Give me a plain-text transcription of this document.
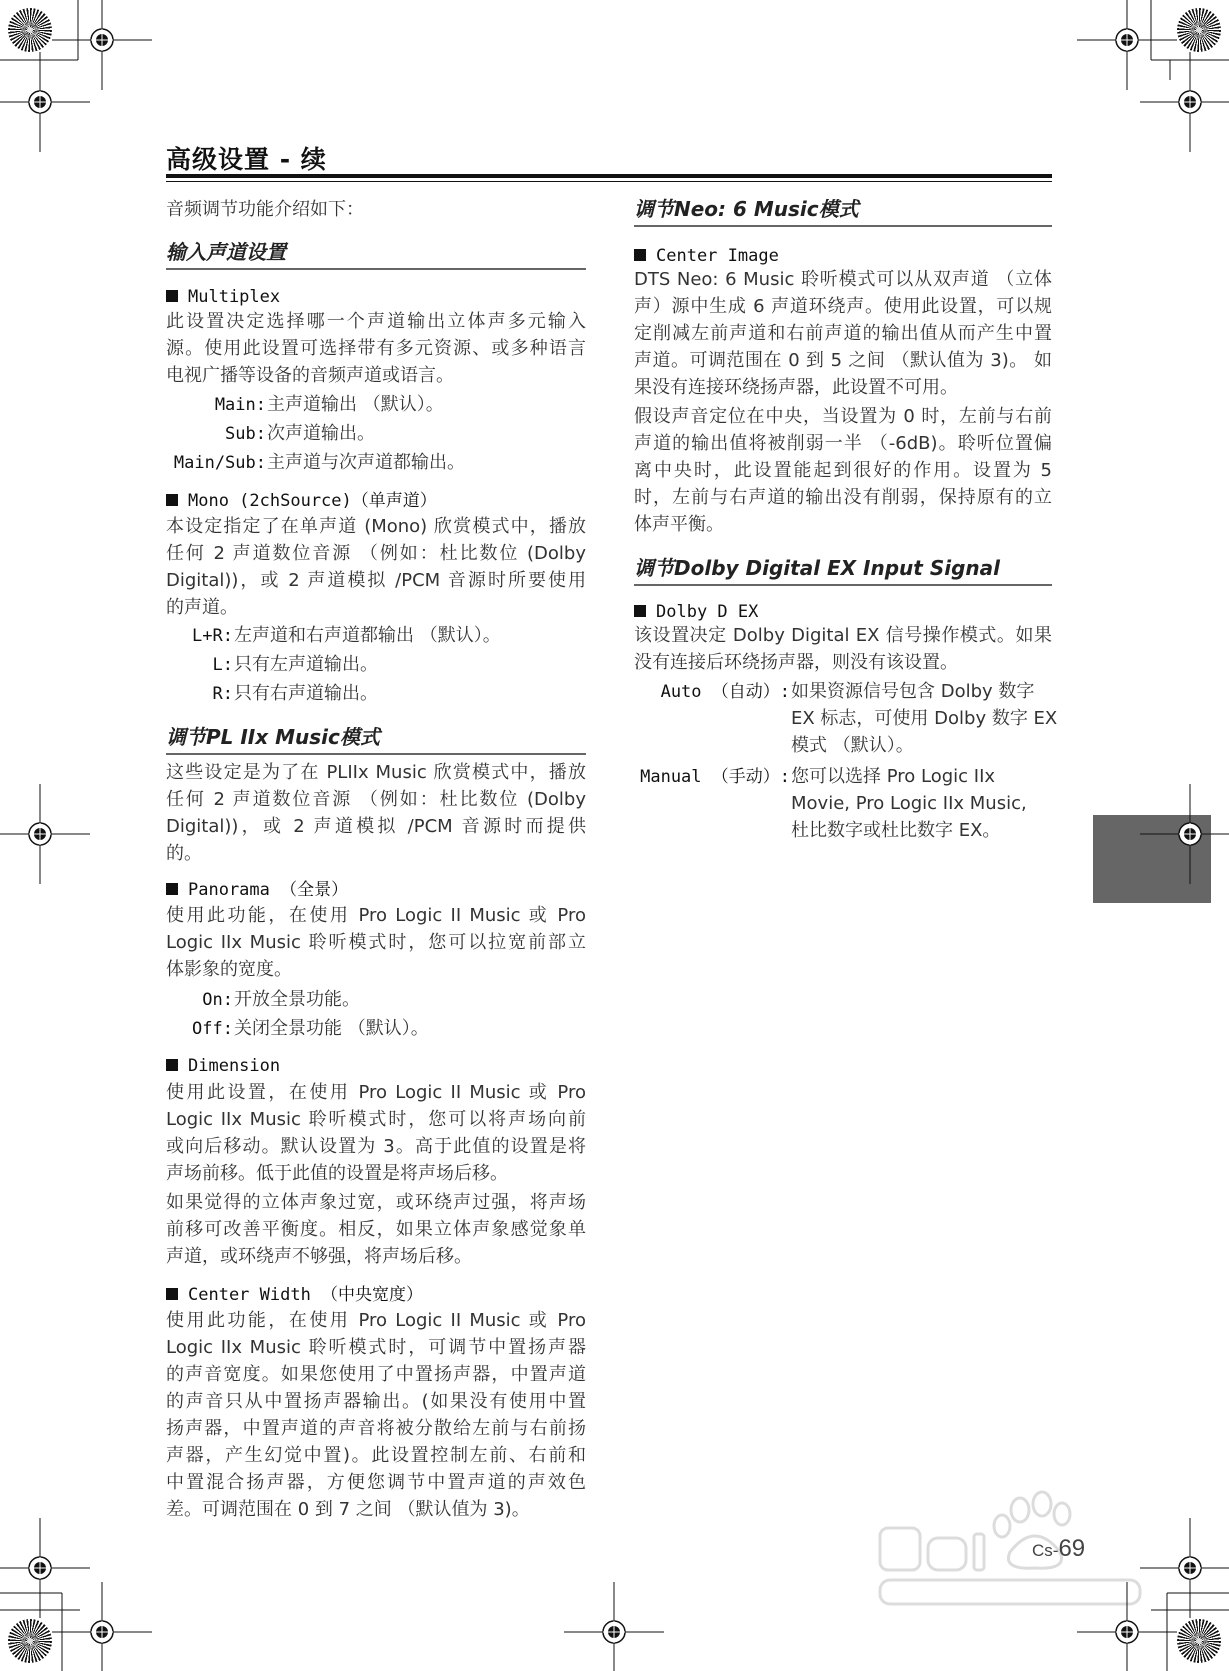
高级设置 - 续
音频调节功能介绍如下：
输入声道设置
Multiplex
此设置决定选择哪一个声道输出立体声多元输入
源。使用此设置可选择带有多元资源、或多种语言
电视广播等设备的音频声道或语言。
Main: 主声道输出 （默认）。
Sub: 次声道输出。
Main/Sub: 主声道与次声道都输出。
Mono (2chSource)（单声道）
本设定指定了在单声道 (Mono) 欣赏模式中，播放
任何 2 声道数位音源 （例如：杜比数位 (Dolby
Digital))，或 2 声道模拟 /PCM 音源时所要使用
的声道。
L+R: 左声道和右声道都输出 （默认）。
L: 只有左声道输出。
R: 只有右声道输出。
调节PL IIx Music模式
这些设定是为了在 PLIIx Music 欣赏模式中，播放
任何 2 声道数位音源 （例如：杜比数位 (Dolby
Digital))，或 2 声道模拟 /PCM 音源时而提供
的。
Panorama （全景）
使用此功能，在使用 Pro Logic II Music 或 Pro
Logic IIx Music 聆听模式时，您可以拉宽前部立
体影象的宽度。
On: 开放全景功能。
Off: 关闭全景功能 （默认）。
Dimension
使用此设置，在使用 Pro Logic II Music 或 Pro
Logic IIx Music 聆听模式时，您可以将声场向前
或向后移动。默认设置为 3。高于此值的设置是将
声场前移。低于此值的设置是将声场后移。
如果觉得的立体声象过宽，或环绕声过强，将声场
前移可改善平衡度。相反，如果立体声象感觉象单
声道，或环绕声不够强，将声场后移。
Center Width （中央宽度）
使用此功能，在使用 Pro Logic II Music 或 Pro
Logic IIx Music 聆听模式时，可调节中置扬声器
的声音宽度。如果您使用了中置扬声器，中置声道
的声音只从中置扬声器输出。(如果没有使用中置
扬声器，中置声道的声音将被分散给左前与右前扬
声器，产生幻觉中置)。此设置控制左前、右前和
中置混合扬声器，方便您调节中置声道的声效色
差。可调范围在 0 到 7 之间 （默认值为 3)。
调节Neo: 6 Music模式
Center Image
DTS Neo: 6 Music 聆听模式可以从双声道 （立体
声）源中生成 6 声道环绕声。使用此设置，可以规
定削减左前声道和右前声道的输出值从而产生中置
声道。可调范围在 0 到 5 之间 （默认值为 3)。 如
果没有连接环绕扬声器，此设置不可用。
假设声音定位在中央，当设置为 0 时，左前与右前
声道的输出值将被削弱一半 （-6dB)。聆听位置偏
离中央时，此设置能起到很好的作用。设置为 5
时，左前与右声道的输出没有削弱，保持原有的立
体声平衡。
调节Dolby Digital EX Input Signal
Dolby D EX
该设置决定 Dolby Digital EX 信号操作模式。如果
没有连接后环绕扬声器，则没有该设置。
Auto （自动）: 如果资源信号包含 Dolby 数字
EX 标志，可使用 Dolby 数字 EX
模式 （默认）。
Manual （手动）: 您可以选择 Pro Logic IIx
Movie, Pro Logic IIx Music,
杜比数字或杜比数字 EX。
Cs-69
